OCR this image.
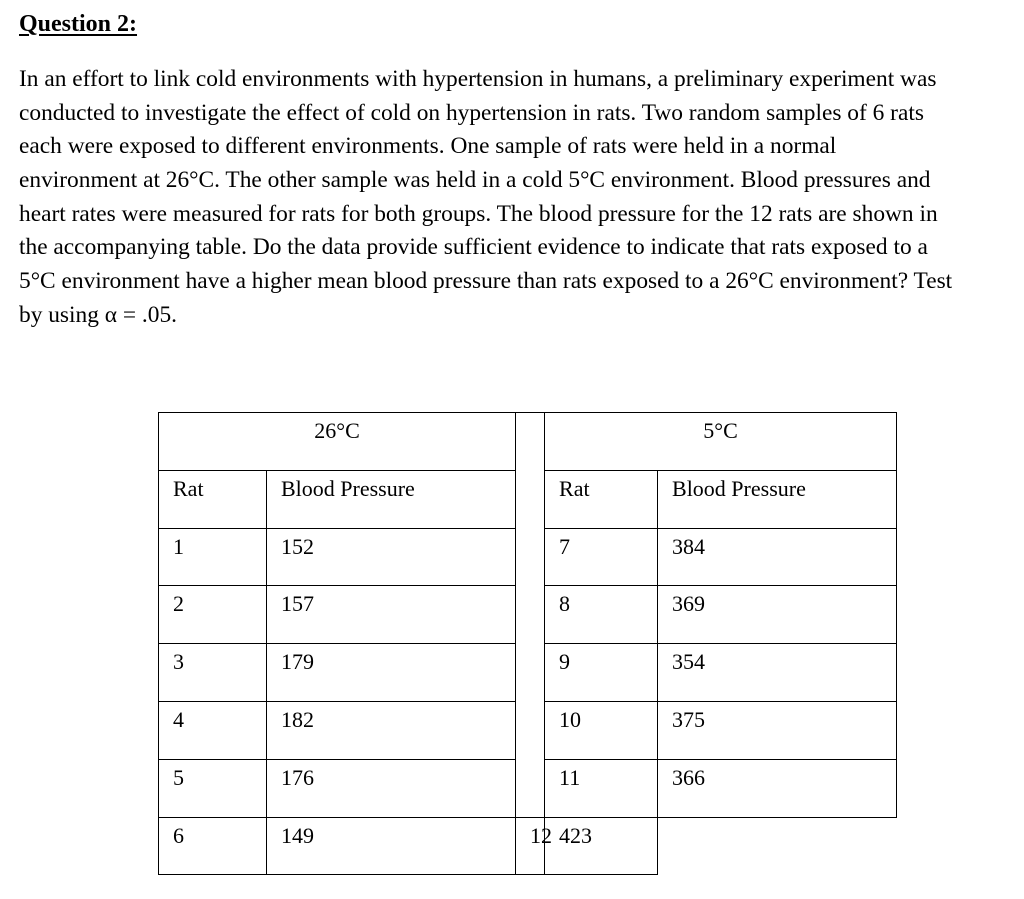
Question 2:
In an effort to link cold environments with hypertension in humans, a preliminary experiment was
conducted to investigate the effect of cold on hypertension in rats. Two random samples of 6 rats
each were exposed to different environments. One sample of rats were held in a normal
environment at 26°C. The other sample was held in a cold 5°C environment. Blood pressures and
heart rates were measured for rats for both groups. The blood pressure for the 12 rats are shown in
the accompanying table. Do the data provide sufficient evidence to indicate that rats exposed to a
5°C environment have a higher mean blood pressure than rats exposed to a 26°C environment? Test
by using α = .05.
26°C			5°C	

Rat	Blood Pressure		Rat	Blood Pressure

1	152		7	384

2	157		8	369

3	179		9	354

4	182		10	375

5	176		11	366

6	149	12	423	
